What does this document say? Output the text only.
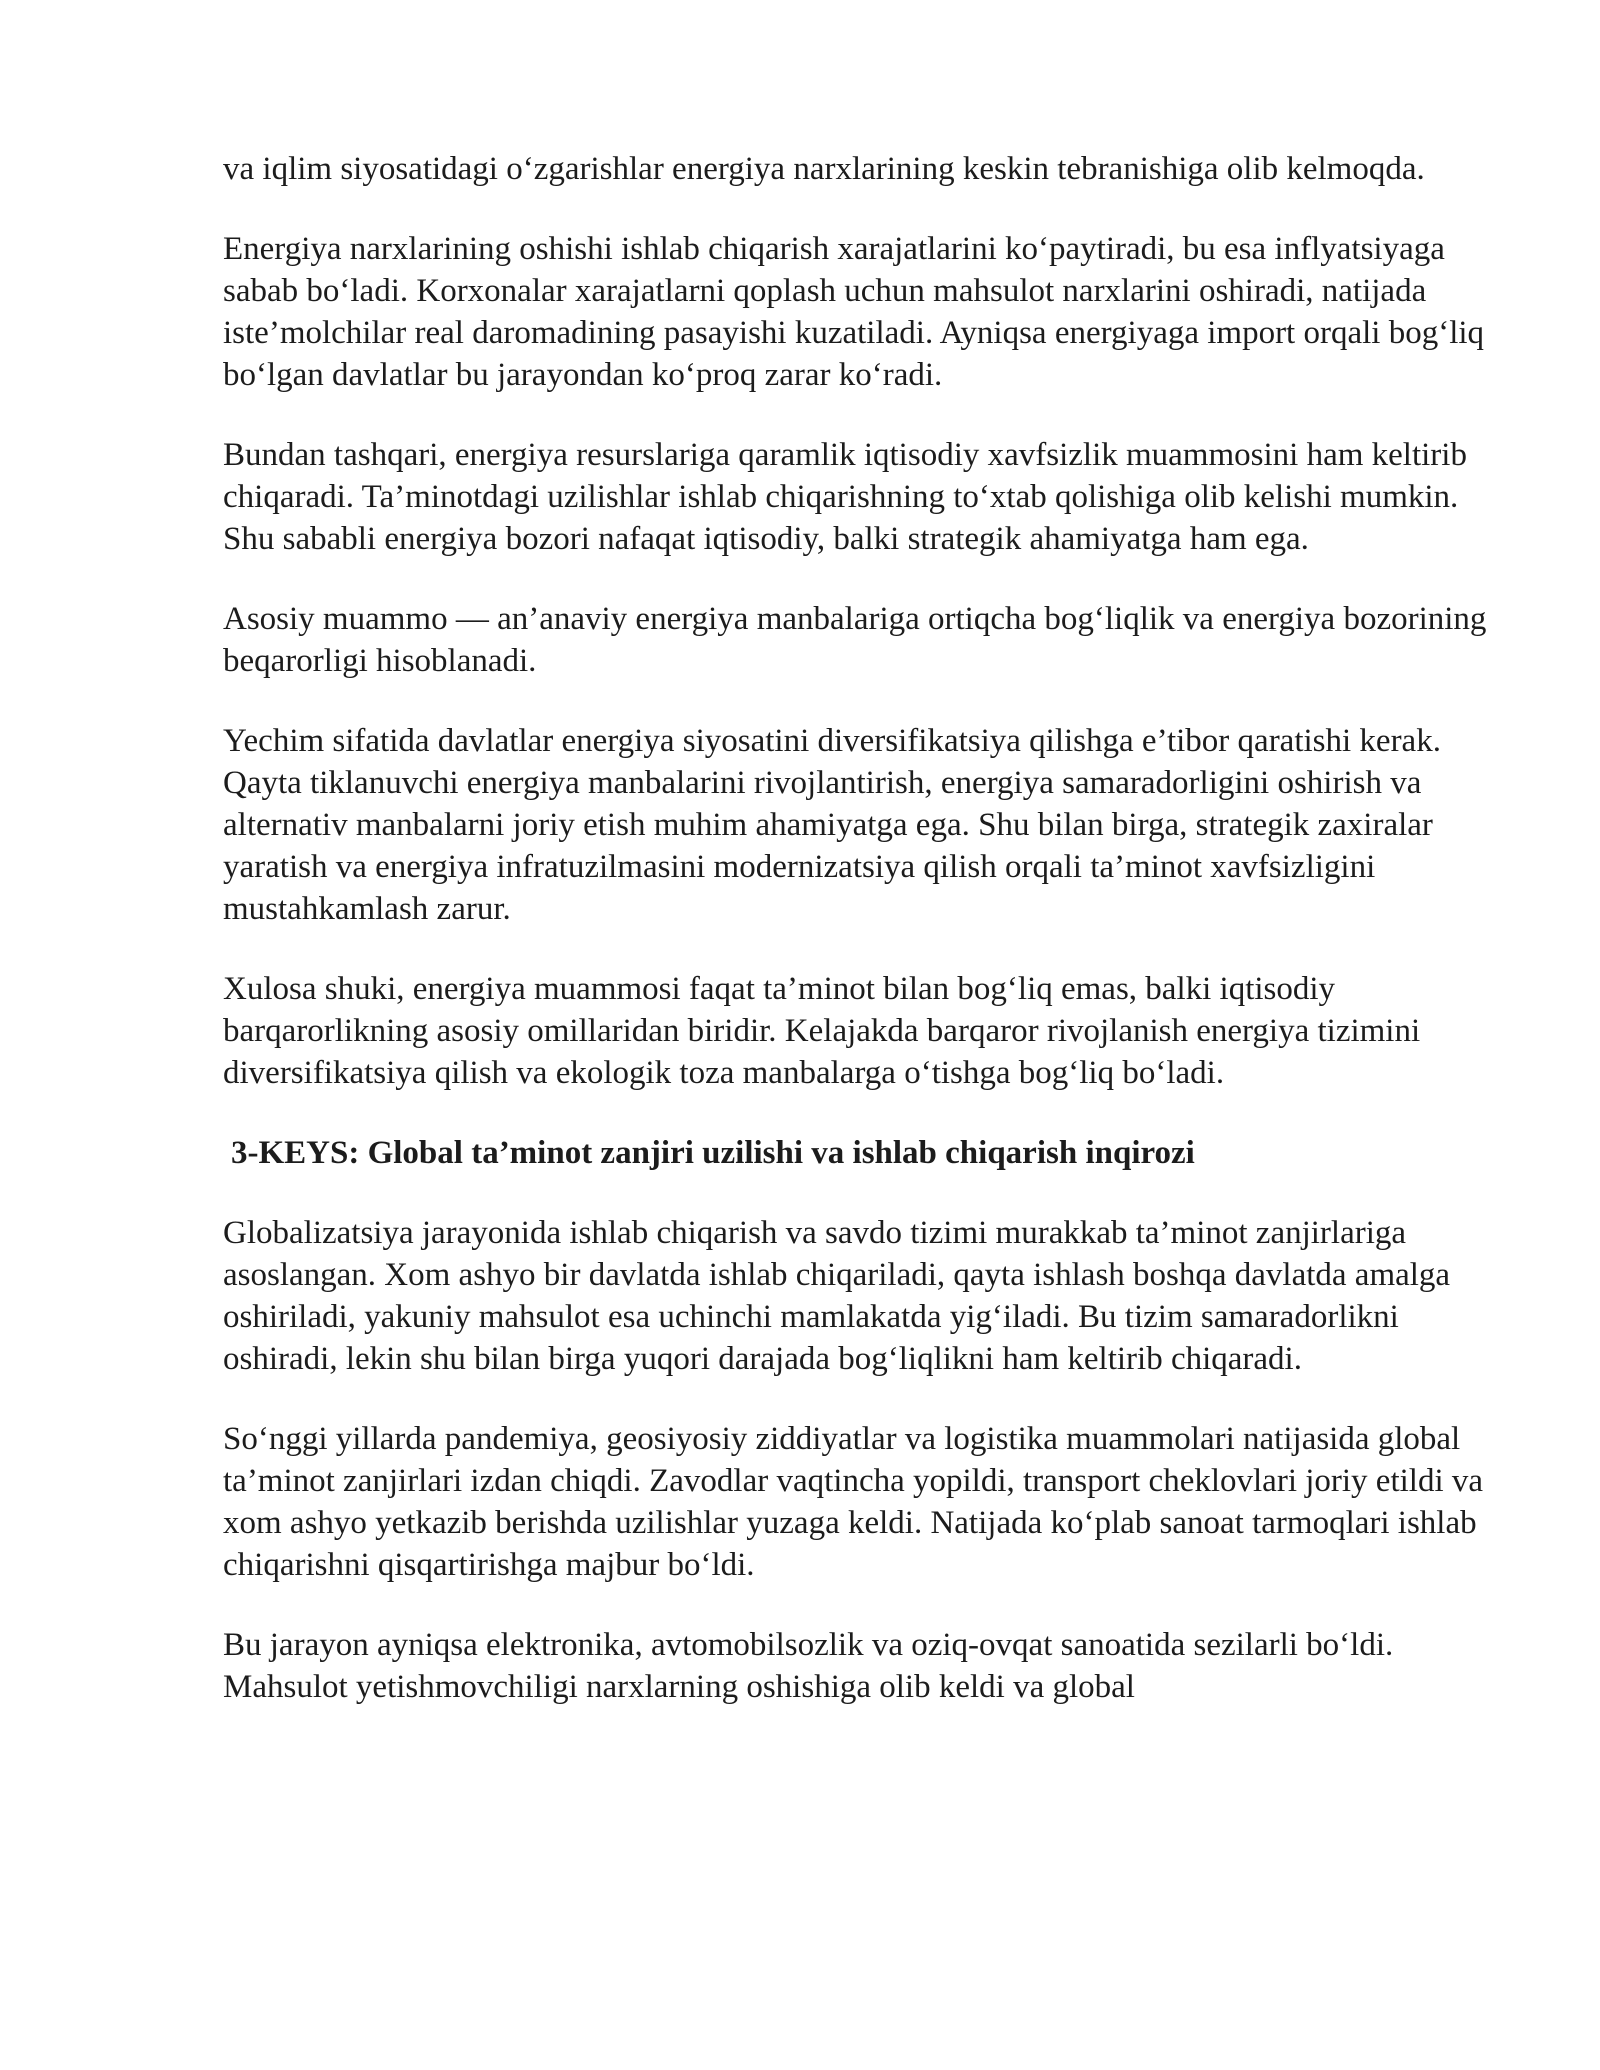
va iqlim siyosatidagi o‘zgarishlar energiya narxlarining keskin tebranishiga olib kelmoqda.

Energiya narxlarining oshishi ishlab chiqarish xarajatlarini ko‘paytiradi, bu esa inflyatsiyaga sabab bo‘ladi. Korxonalar xarajatlarni qoplash uchun mahsulot narxlarini oshiradi, natijada iste’molchilar real daromadining pasayishi kuzatiladi. Ayniqsa energiyaga import orqali bog‘liq bo‘lgan davlatlar bu jarayondan ko‘proq zarar ko‘radi.

Bundan tashqari, energiya resurslariga qaramlik iqtisodiy xavfsizlik muammosini ham keltirib chiqaradi. Ta’minotdagi uzilishlar ishlab chiqarishning to‘xtab qolishiga olib kelishi mumkin. Shu sababli energiya bozori nafaqat iqtisodiy, balki strategik ahamiyatga ham ega.

Asosiy muammo — an’anaviy energiya manbalariga ortiqcha bog‘liqlik va energiya bozorining beqarorligi hisoblanadi.

Yechim sifatida davlatlar energiya siyosatini diversifikatsiya qilishga e’tibor qaratishi kerak. Qayta tiklanuvchi energiya manbalarini rivojlantirish, energiya samaradorligini oshirish va alternativ manbalarni joriy etish muhim ahamiyatga ega. Shu bilan birga, strategik zaxiralar yaratish va energiya infratuzilmasini modernizatsiya qilish orqali ta’minot xavfsizligini mustahkamlash zarur.

Xulosa shuki, energiya muammosi faqat ta’minot bilan bog‘liq emas, balki iqtisodiy barqarorlikning asosiy omillaridan biridir. Kelajakda barqaror rivojlanish energiya tizimini diversifikatsiya qilish va ekologik toza manbalarga o‘tishga bog‘liq bo‘ladi.

3-KEYS: Global ta’minot zanjiri uzilishi va ishlab chiqarish inqirozi

Globalizatsiya jarayonida ishlab chiqarish va savdo tizimi murakkab ta’minot zanjirlariga asoslangan. Xom ashyo bir davlatda ishlab chiqariladi, qayta ishlash boshqa davlatda amalga oshiriladi, yakuniy mahsulot esa uchinchi mamlakatda yig‘iladi. Bu tizim samaradorlikni oshiradi, lekin shu bilan birga yuqori darajada bog‘liqlikni ham keltirib chiqaradi.

So‘nggi yillarda pandemiya, geosiyosiy ziddiyatlar va logistika muammolari natijasida global ta’minot zanjirlari izdan chiqdi. Zavodlar vaqtincha yopildi, transport cheklovlari joriy etildi va xom ashyo yetkazib berishda uzilishlar yuzaga keldi. Natijada ko‘plab sanoat tarmoqlari ishlab chiqarishni qisqartirishga majbur bo‘ldi.

Bu jarayon ayniqsa elektronika, avtomobilsozlik va oziq-ovqat sanoatida sezilarli bo‘ldi. Mahsulot yetishmovchiligi narxlarning oshishiga olib keldi va global
